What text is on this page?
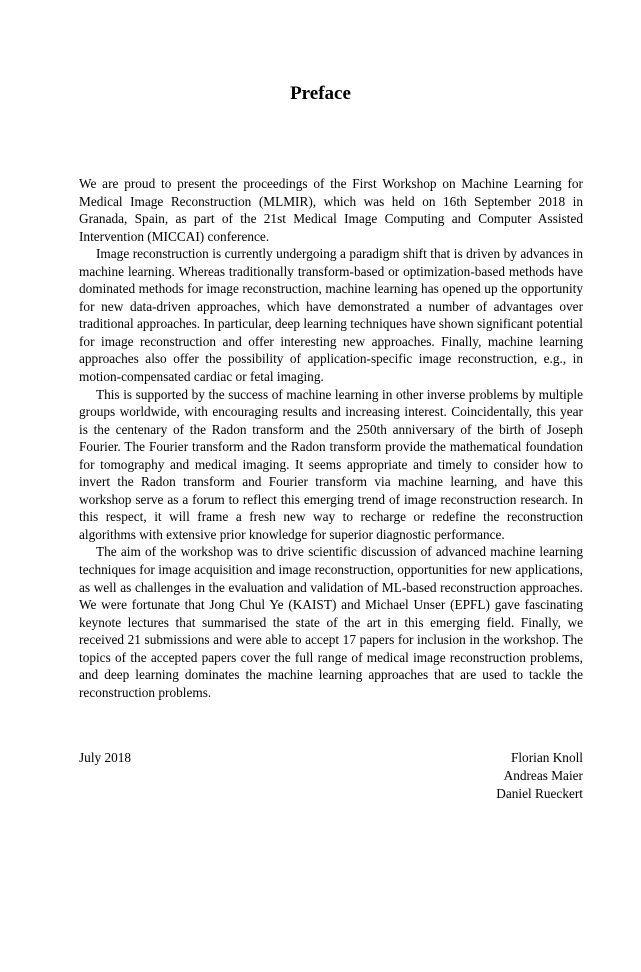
Preface

We are proud to present the proceedings of the First Workshop on Machine Learning for Medical Image Reconstruction (MLMIR), which was held on 16th September 2018 in Granada, Spain, as part of the 21st Medical Image Computing and Computer Assisted Intervention (MICCAI) conference.

Image reconstruction is currently undergoing a paradigm shift that is driven by advances in machine learning. Whereas traditionally transform-based or optimization-based methods have dominated methods for image reconstruction, machine learning has opened up the opportunity for new data-driven approaches, which have demonstrated a number of advantages over traditional approaches. In particular, deep learning techniques have shown significant potential for image reconstruction and offer interesting new approaches. Finally, machine learning approaches also offer the possibility of application-specific image reconstruction, e.g., in motion-compensated cardiac or fetal imaging.

This is supported by the success of machine learning in other inverse problems by multiple groups worldwide, with encouraging results and increasing interest. Coincidentally, this year is the centenary of the Radon transform and the 250th anniversary of the birth of Joseph Fourier. The Fourier transform and the Radon transform provide the mathematical foundation for tomography and medical imaging. It seems appropriate and timely to consider how to invert the Radon transform and Fourier transform via machine learning, and have this workshop serve as a forum to reflect this emerging trend of image reconstruction research. In this respect, it will frame a fresh new way to recharge or redefine the reconstruction algorithms with extensive prior knowledge for superior diagnostic performance.

The aim of the workshop was to drive scientific discussion of advanced machine learning techniques for image acquisition and image reconstruction, opportunities for new applications, as well as challenges in the evaluation and validation of ML-based reconstruction approaches. We were fortunate that Jong Chul Ye (KAIST) and Michael Unser (EPFL) gave fascinating keynote lectures that summarised the state of the art in this emerging field. Finally, we received 21 submissions and were able to accept 17 papers for inclusion in the workshop. The topics of the accepted papers cover the full range of medical image reconstruction problems, and deep learning dominates the machine learning approaches that are used to tackle the reconstruction problems.

July 2018	Florian Knoll
Andreas Maier
Daniel Rueckert
